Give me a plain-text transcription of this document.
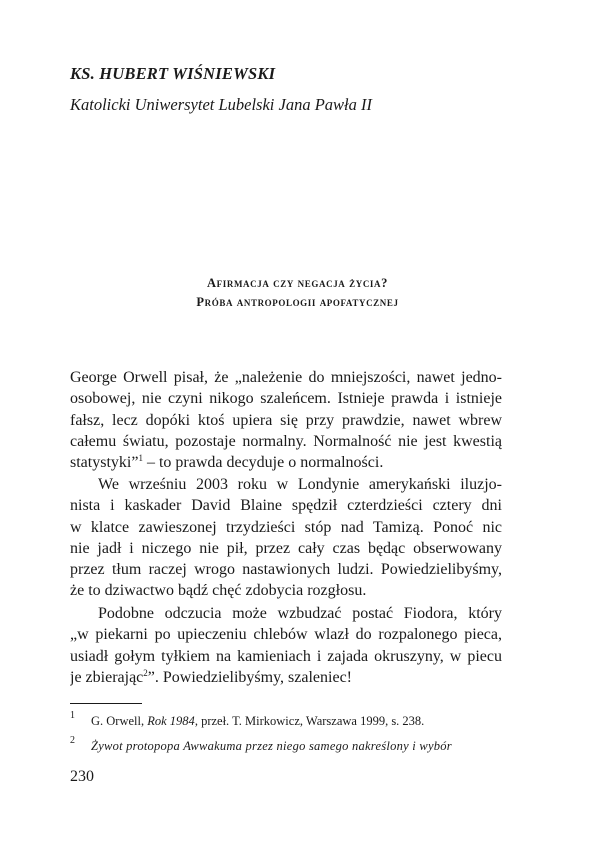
KS. HUBERT WIŚNIEWSKI
Katolicki Uniwersytet Lubelski Jana Pawła II
Afirmacja czy negacja życia?
Próba antropologii apofatycznej
George Orwell pisał, że „należenie do mniejszości, nawet jedno-
osobowej, nie czyni nikogo szaleńcem. Istnieje prawda i istnieje
fałsz, lecz dopóki ktoś upiera się przy prawdzie, nawet wbrew
całemu światu, pozostaje normalny. Normalność nie jest kwestią
statystyki”$^1$ – to prawda decyduje o normalności.
We wrześniu 2003 roku w Londynie amerykański iluzjo-
nista i kaskader David Blaine spędził czterdzieści cztery dni
w klatce zawieszonej trzydzieści stóp nad Tamizą. Ponoć nic
nie jadł i niczego nie pił, przez cały czas będąc obserwowany
przez tłum raczej wrogo nastawionych ludzi. Powiedzielibyśmy,
że to dziwactwo bądź chęć zdobycia rozgłosu.
Podobne odczucia może wzbudzać postać Fiodora, który
„w piekarni po upieczeniu chlebów wlazł do rozpalonego pieca,
usiadł gołym tyłkiem na kamieniach i zajada okruszyny, w piecu
je zbierając$^2$”. Powiedzielibyśmy, szaleniec!
1 G. Orwell, Rok 1984, przeł. T. Mirkowicz, Warszawa 1999, s. 238.
2 Żywot protopopa Awwakuma przez niego samego nakreślony i wybór
230
